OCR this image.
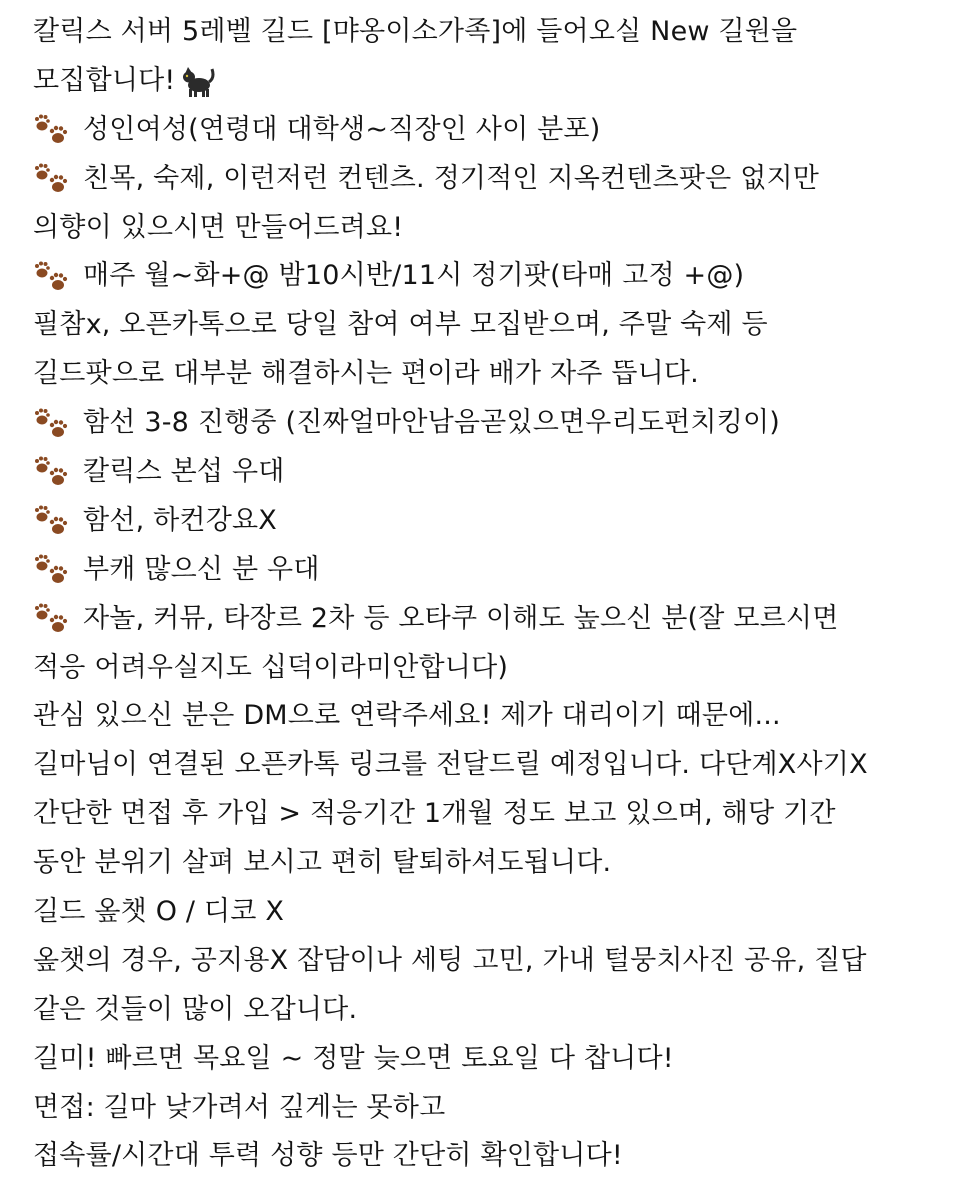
칼릭스 서버 5레벨 길드 [먀옹이소가족]에 들어오실 New 길원을
모집합니다!
성인여성(연령대 대학생~직장인 사이 분포)
친목, 숙제, 이런저런 컨텐츠. 정기적인 지옥컨텐츠팟은 없지만
의향이 있으시면 만들어드려요!
매주 월~화+@ 밤10시반/11시 정기팟(타매 고정 +@)
필참x, 오픈카톡으로 당일 참여 여부 모집받으며, 주말 숙제 등
길드팟으로 대부분 해결하시는 편이라 배가 자주 뜹니다.
함선 3-8 진행중 (진짜얼마안남음곧있으면우리도펀치킹이)
칼릭스 본섭 우대
함선, 하컨강요X
부캐 많으신 분 우대
자놀, 커뮤, 타장르 2차 등 오타쿠 이해도 높으신 분(잘 모르시면
적응 어려우실지도 십덕이라미안합니다)
관심 있으신 분은 DM으로 연락주세요! 제가 대리이기 때문에...
길마님이 연결된 오픈카톡 링크를 전달드릴 예정입니다. 다단계X사기X
간단한 면접 후 가입 > 적응기간 1개월 정도 보고 있으며, 해당 기간
동안 분위기 살펴 보시고 편히 탈퇴하셔도됩니다.
길드 옾챗 O / 디코 X
옾챗의 경우, 공지용X 잡담이나 세팅 고민, 가내 털뭉치사진 공유, 질답
같은 것들이 많이 오갑니다.
길미! 빠르면 목요일 ~ 정말 늦으면 토요일 다 찹니다!
면접: 길마 낮가려서 깊게는 못하고
접속률/시간대 투력 성향 등만 간단히 확인합니다!
